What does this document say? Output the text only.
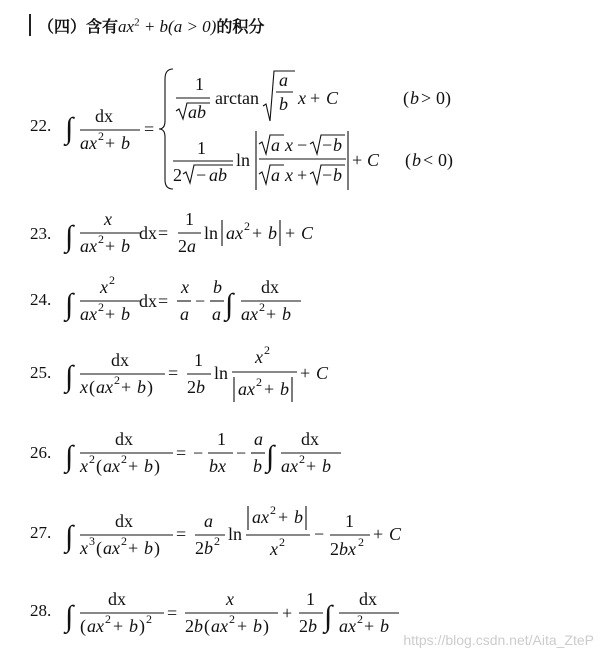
（四）含有$ax^2 + b(a > 0)$的积分
22. ∫ dx
ax 2 + b
=
1
ab
arctan
a
b x + C	( b > 0)
1
2 − ab
ln
a x − − b
a x + − b
+ C ( b < 0)
23. ∫
x
ax 2 + b
dx =
1
2 a
ln ax 2 + b + C
24. ∫
x 2
ax 2 + b
dx =
x
a
−
b
a ∫
dx
ax 2 + b
25. ∫ dx
x ( ax 2 + b )
=
1
2 b
ln
x 2
ax 2 + b
+ C
26. ∫
dx
x 2 ( ax 2 + b )
= −
1
bx
−
a
b ∫
dx
ax 2 + b
27. ∫ dx
x 3 ( ax 2 + b )
=
a
2 b 2 ln
ax 2 + b
x 2 −
1
2 bx 2 + C
28. ∫
dx
( ax 2 + b ) 2 =
x
2 b ( ax 2 + b )
+
1
2 b ∫
dx
ax 2 + b
https://blog.csdn.net/Aita_ZteP
